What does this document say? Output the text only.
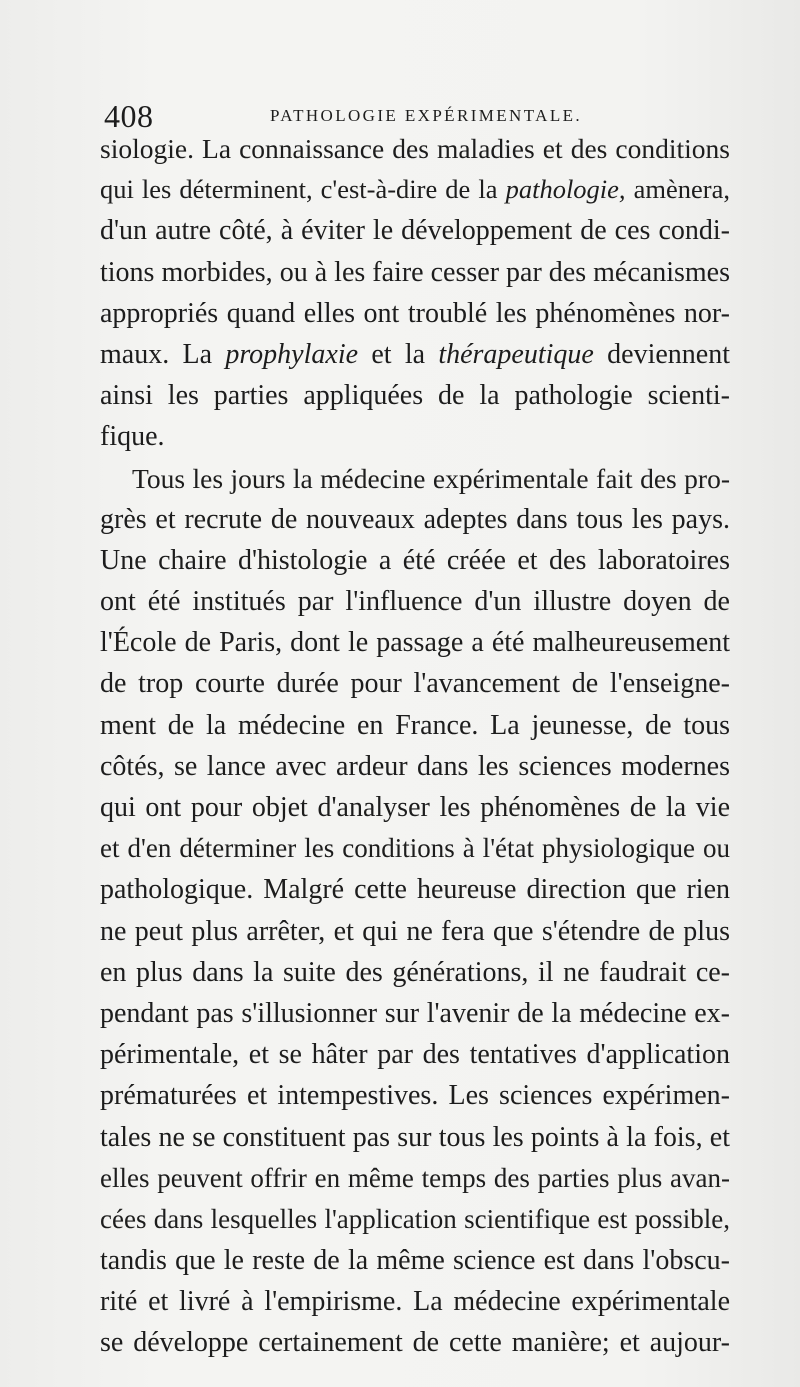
408	PATHOLOGIE EXPÉRIMENTALE.
siologie. La connaissance des maladies et des conditions
qui les déterminent, c'est-à-dire de la pathologie, amènera,
d'un autre côté, à éviter le développement de ces condi-
tions morbides, ou à les faire cesser par des mécanismes
appropriés quand elles ont troublé les phénomènes nor-
maux. La prophylaxie et la thérapeutique deviennent
ainsi les parties appliquées de la pathologie scienti-
fique.
Tous les jours la médecine expérimentale fait des pro-
grès et recrute de nouveaux adeptes dans tous les pays.
Une chaire d'histologie a été créée et des laboratoires
ont été institués par l'influence d'un illustre doyen de
l'École de Paris, dont le passage a été malheureusement
de trop courte durée pour l'avancement de l'enseigne-
ment de la médecine en France. La jeunesse, de tous
côtés, se lance avec ardeur dans les sciences modernes
qui ont pour objet d'analyser les phénomènes de la vie
et d'en déterminer les conditions à l'état physiologique ou
pathologique. Malgré cette heureuse direction que rien
ne peut plus arrêter, et qui ne fera que s'étendre de plus
en plus dans la suite des générations, il ne faudrait ce-
pendant pas s'illusionner sur l'avenir de la médecine ex-
périmentale, et se hâter par des tentatives d'application
prématurées et intempestives. Les sciences expérimen-
tales ne se constituent pas sur tous les points à la fois, et
elles peuvent offrir en même temps des parties plus avan-
cées dans lesquelles l'application scientifique est possible,
tandis que le reste de la même science est dans l'obscu-
rité et livré à l'empirisme. La médecine expérimentale
se développe certainement de cette manière; et aujour-
